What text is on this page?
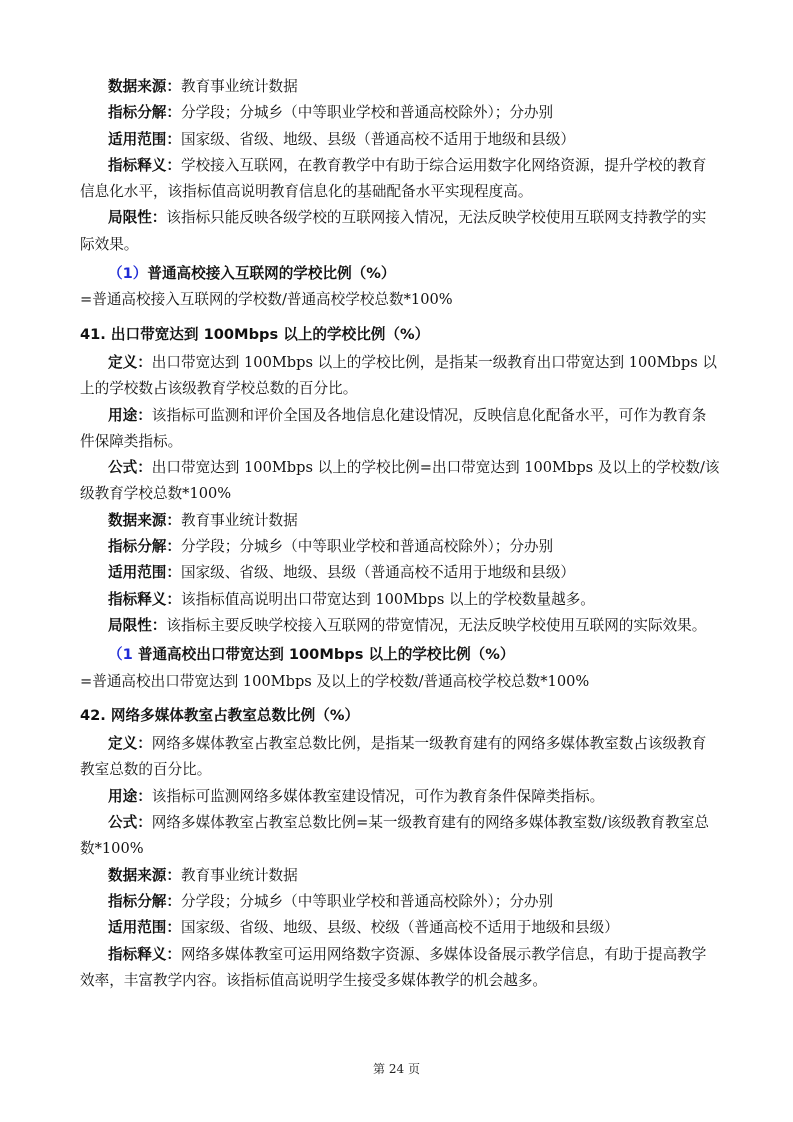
数据来源：教育事业统计数据

指标分解：分学段；分城乡（中等职业学校和普通高校除外）；分办别

适用范围：国家级、省级、地级、县级（普通高校不适用于地级和县级）

指标释义：学校接入互联网，在教育教学中有助于综合运用数字化网络资源，提升学校的教育信息化水平，该指标值高说明教育信息化的基础配备水平实现程度高。

局限性：该指标只能反映各级学校的互联网接入情况，无法反映学校使用互联网支持教学的实际效果。

（1）普通高校接入互联网的学校比例（%）

=普通高校接入互联网的学校数/普通高校学校总数*100%

41. 出口带宽达到 100Mbps 以上的学校比例（%）

定义：出口带宽达到 100Mbps 以上的学校比例，是指某一级教育出口带宽达到 100Mbps 以上的学校数占该级教育学校总数的百分比。

用途：该指标可监测和评价全国及各地信息化建设情况，反映信息化配备水平，可作为教育条件保障类指标。

公式：出口带宽达到 100Mbps 以上的学校比例=出口带宽达到 100Mbps 及以上的学校数/该级教育学校总数*100%

数据来源：教育事业统计数据

指标分解：分学段；分城乡（中等职业学校和普通高校除外）；分办别

适用范围：国家级、省级、地级、县级（普通高校不适用于地级和县级）

指标释义：该指标值高说明出口带宽达到 100Mbps 以上的学校数量越多。

局限性：该指标主要反映学校接入互联网的带宽情况，无法反映学校使用互联网的实际效果。

（1 普通高校出口带宽达到 100Mbps 以上的学校比例（%）

=普通高校出口带宽达到 100Mbps 及以上的学校数/普通高校学校总数*100%

42. 网络多媒体教室占教室总数比例（%）

定义：网络多媒体教室占教室总数比例，是指某一级教育建有的网络多媒体教室数占该级教育教室总数的百分比。

用途：该指标可监测网络多媒体教室建设情况，可作为教育条件保障类指标。

公式：网络多媒体教室占教室总数比例=某一级教育建有的网络多媒体教室数/该级教育教室总数*100%

数据来源：教育事业统计数据

指标分解：分学段；分城乡（中等职业学校和普通高校除外）；分办别

适用范围：国家级、省级、地级、县级、校级（普通高校不适用于地级和县级）

指标释义：网络多媒体教室可运用网络数字资源、多媒体设备展示教学信息，有助于提高教学效率，丰富教学内容。该指标值高说明学生接受多媒体教学的机会越多。

第 24 页
